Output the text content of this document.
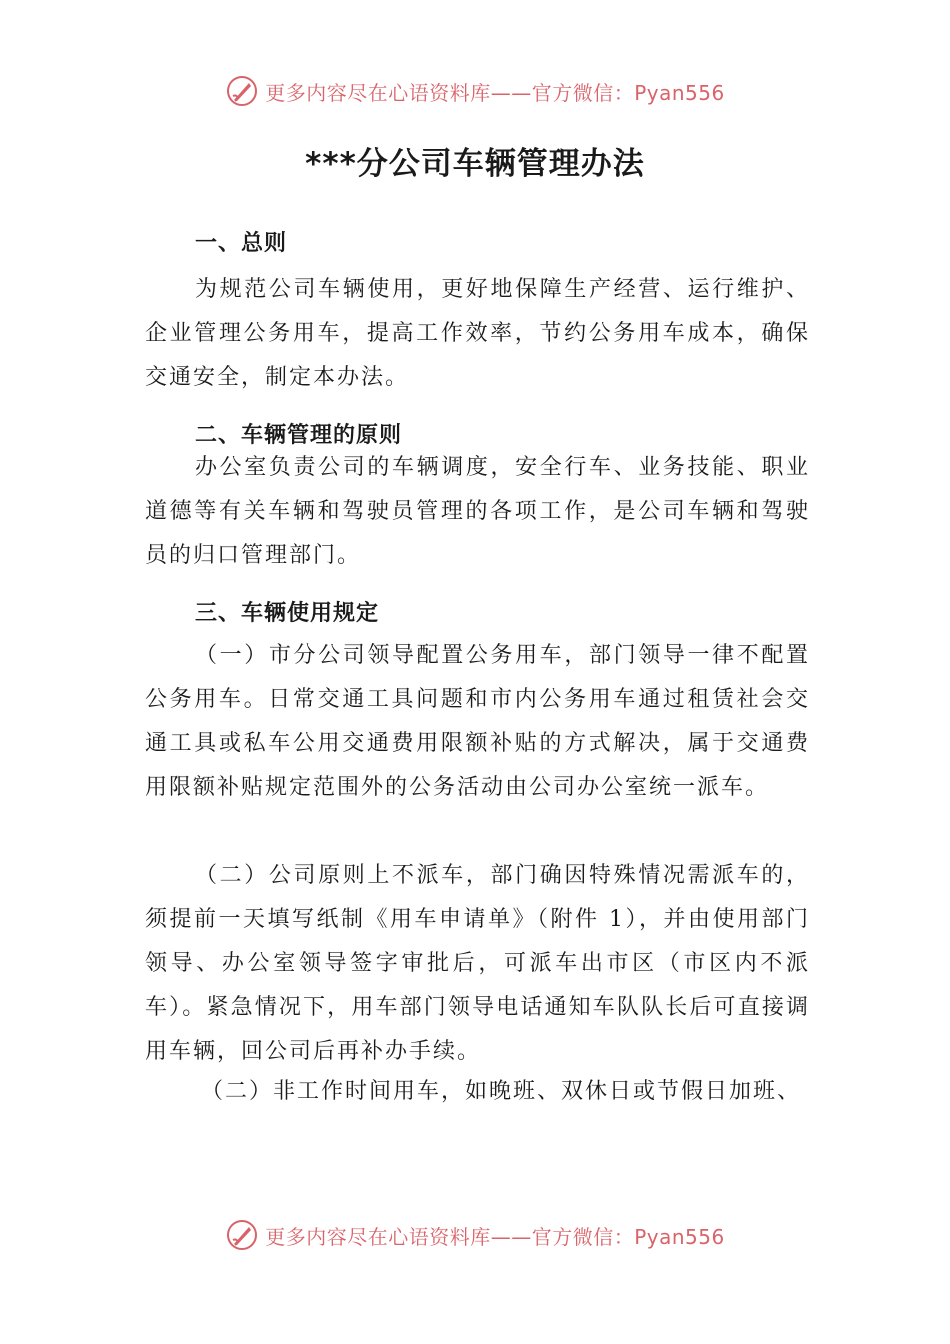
更多内容尽在心语资料库——官方微信：Pyan556
***分公司车辆管理办法
一、总则

为规范公司车辆使用，更好地保障生产经营、运行维护、企业管理公务用车，提高工作效率，节约公务用车成本，确保交通安全，制定本办法。

二、车辆管理的原则

办公室负责公司的车辆调度，安全行车、业务技能、职业道德等有关车辆和驾驶员管理的各项工作，是公司车辆和驾驶员的归口管理部门。

三、车辆使用规定

（一）市分公司领导配置公务用车，部门领导一律不配置公务用车。日常交通工具问题和市内公务用车通过租赁社会交通工具或私车公用交通费用限额补贴的方式解决，属于交通费用限额补贴规定范围外的公务活动由公司办公室统一派车。

（二）公司原则上不派车，部门确因特殊情况需派车的，须提前一天填写纸制《用车申请单》（附件 1），并由使用部门领导、办公室领导签字审批后，可派车出市区（市区内不派车）。紧急情况下，用车部门领导电话通知车队队长后可直接调用车辆，回公司后再补办手续。

（二）非工作时间用车，如晚班、双休日或节假日加班、

更多内容尽在心语资料库——官方微信：Pyan556
